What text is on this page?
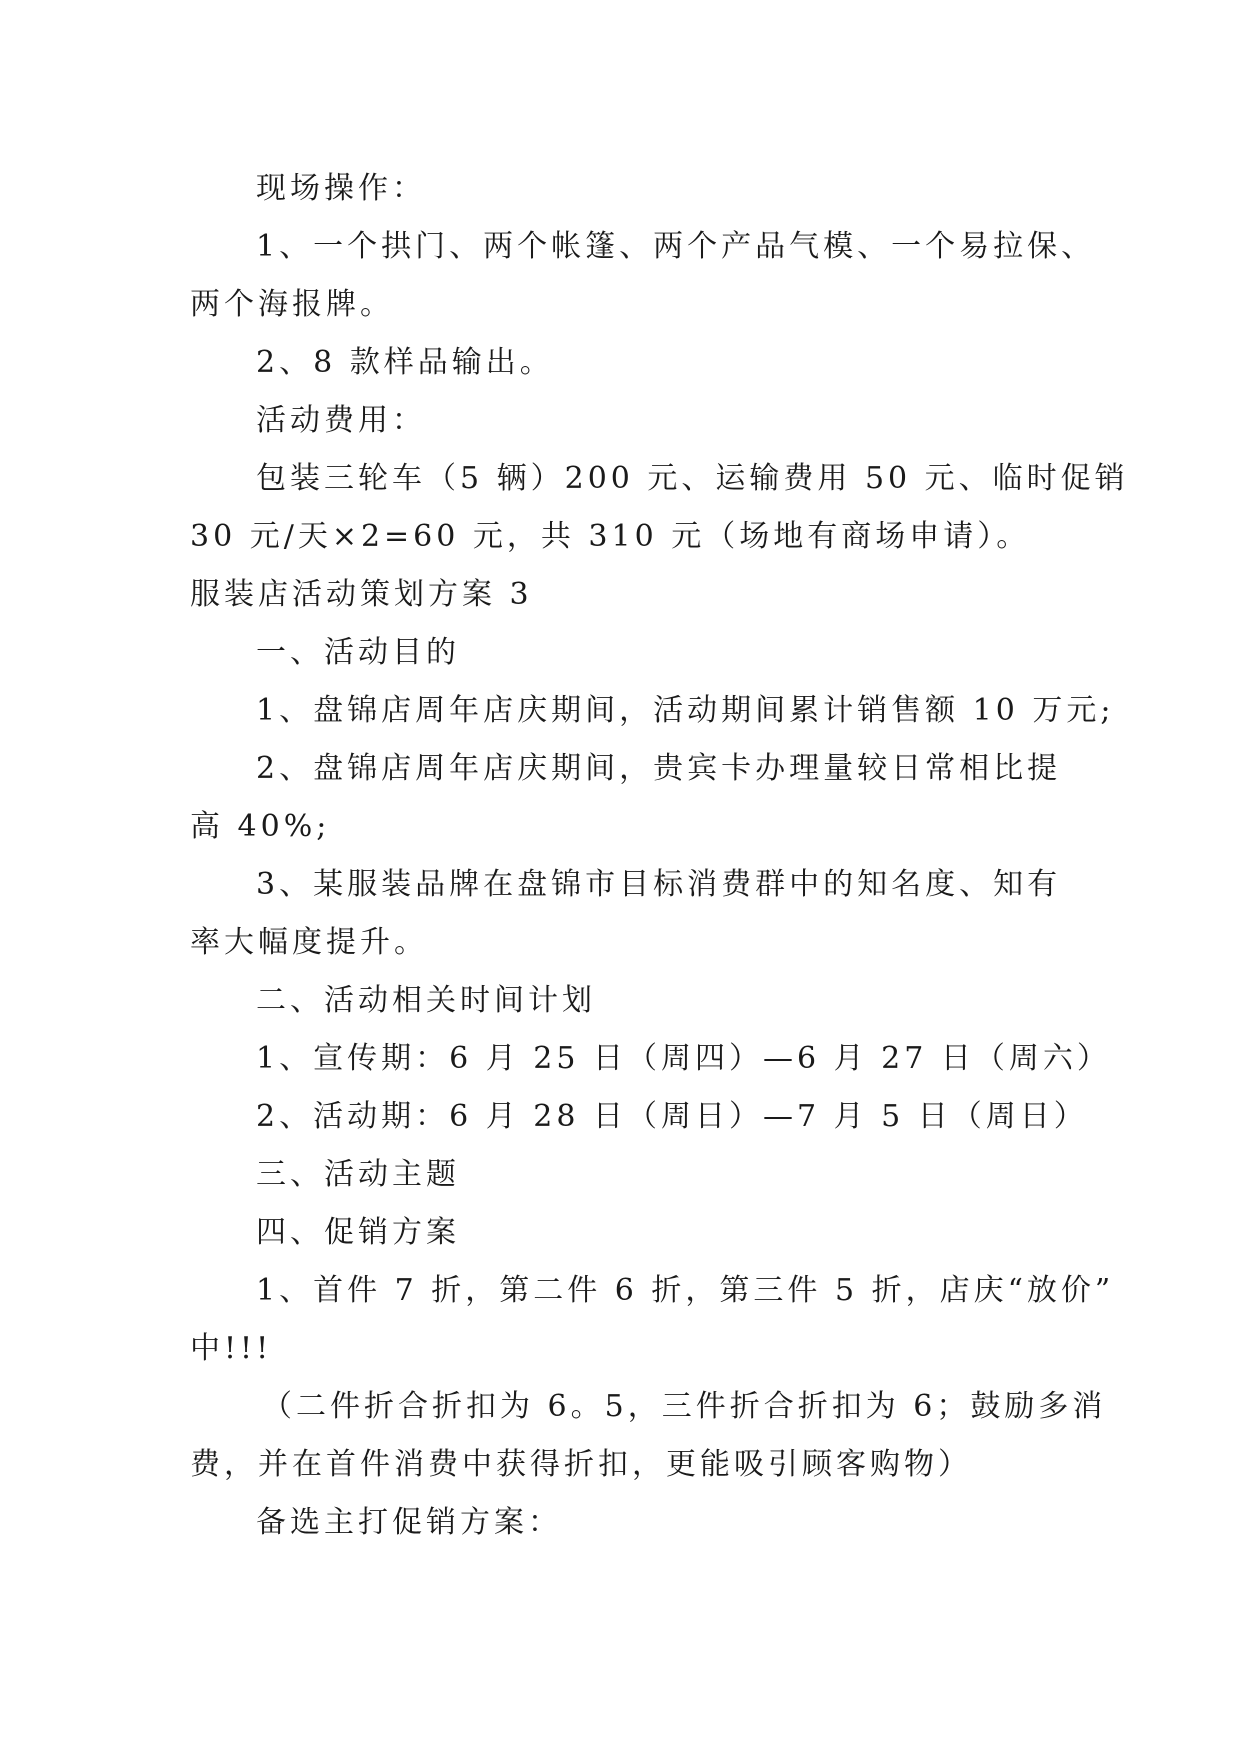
现场操作：
1、一个拱门、两个帐篷、两个产品气模、一个易拉保、
两个海报牌。
2、8 款样品输出。
活动费用：
包装三轮车（5 辆）200 元、运输费用 50 元、临时促销
30 元/天×2=60 元，共 310 元（场地有商场申请）。
服装店活动策划方案 3
一、活动目的
1、盘锦店周年店庆期间，活动期间累计销售额 10 万元;
2、盘锦店周年店庆期间，贵宾卡办理量较日常相比提
高 40%;
3、某服装品牌在盘锦市目标消费群中的知名度、知有
率大幅度提升。
二、活动相关时间计划
1、宣传期：6 月 25 日（周四）—6 月 27 日（周六）
2、活动期：6 月 28 日（周日）—7 月 5 日（周日）
三、活动主题
四、促销方案
1、首件 7 折，第二件 6 折，第三件 5 折，店庆“放价”
中!!!
（二件折合折扣为 6。5，三件折合折扣为 6；鼓励多消
费，并在首件消费中获得折扣，更能吸引顾客购物）
备选主打促销方案：
